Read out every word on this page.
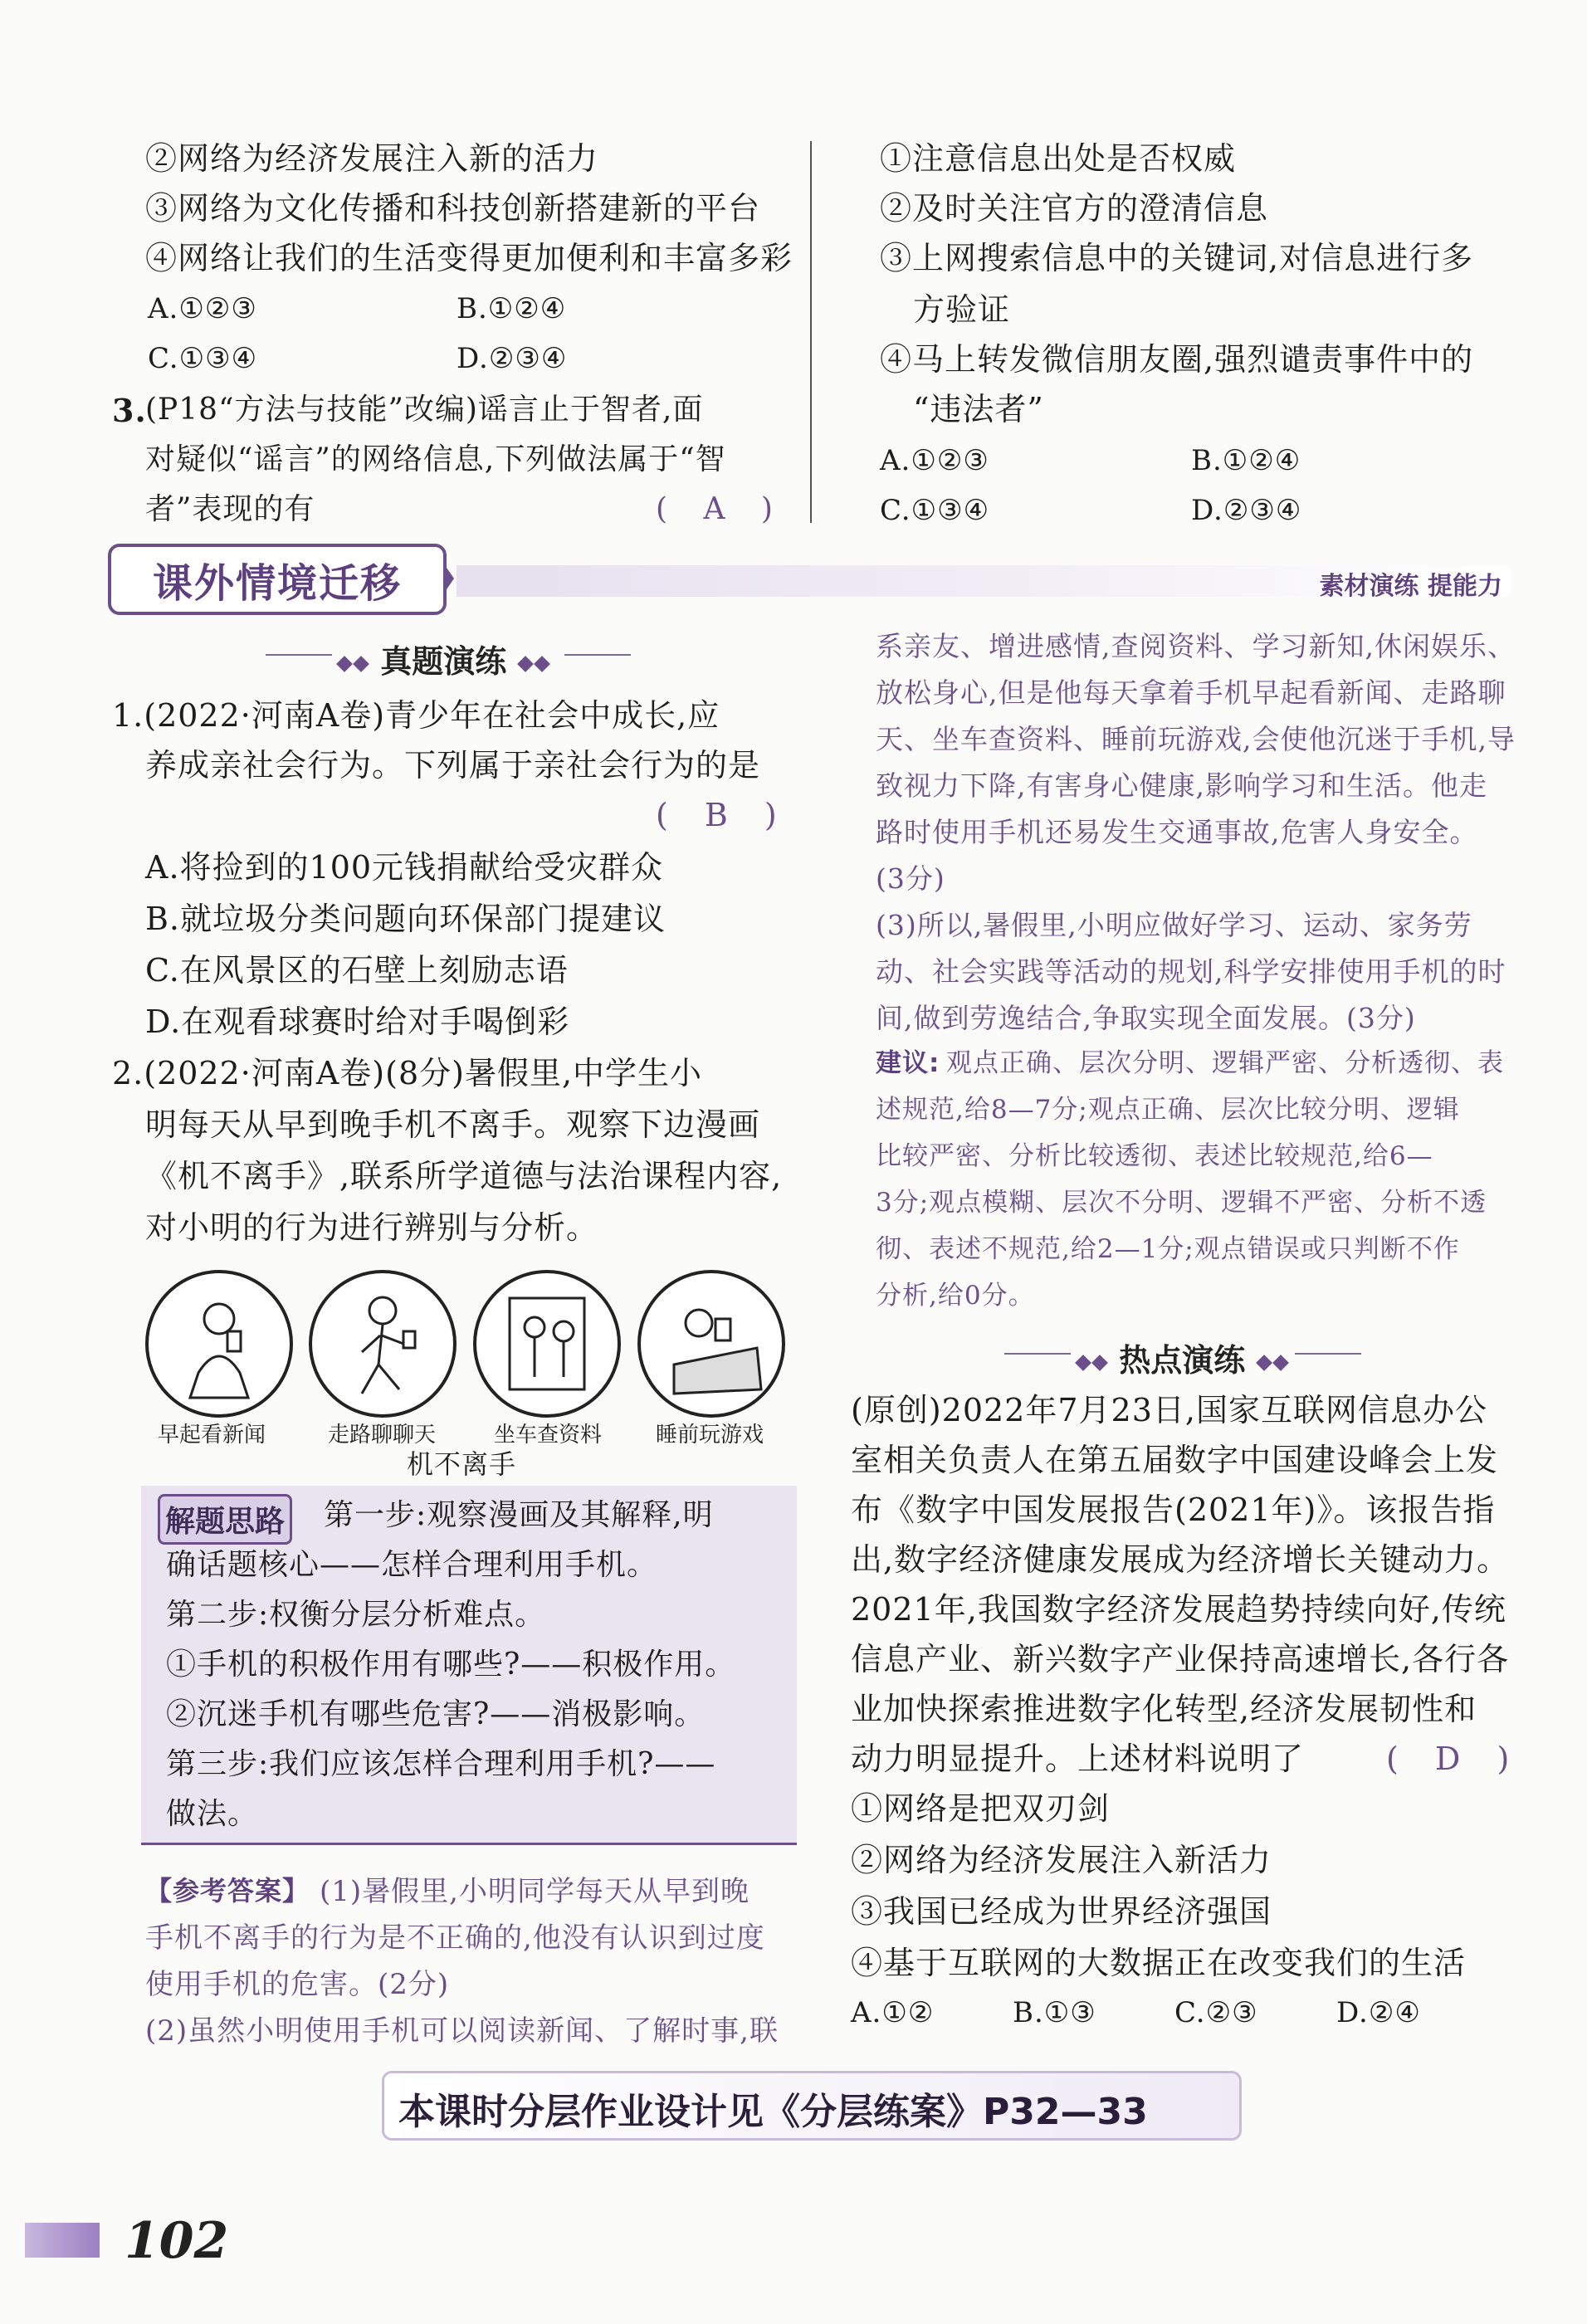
②网络为经济发展注入新的活力
③网络为文化传播和科技创新搭建新的平台
④网络让我们的生活变得更加便利和丰富多彩
A.①②③	B.①②④
C.①③④	D.②③④
3.
(P18“方法与技能”改编)谣言止于智者,面
对疑似“谣言”的网络信息,下列做法属于“智
者”表现的有	( A )
①注意信息出处是否权威
②及时关注官方的澄清信息
③上网搜索信息中的关键词,对信息进行多
方验证
④马上转发微信朋友圈,强烈谴责事件中的
“违法者”
A.①②③	B.①②④
C.①③④	D.②③④
课外情境迁移	素材演练 提能力
真题演练
1.(2022·河南A卷)青少年在社会中成长,应
养成亲社会行为。下列属于亲社会行为的是
( B )
A.将捡到的100元钱捐献给受灾群众
B.就垃圾分类问题向环保部门提建议
C.在风景区的石壁上刻励志语
D.在观看球赛时给对手喝倒彩
2.(2022·河南A卷)(8分)暑假里,中学生小
明每天从早到晚手机不离手。观察下边漫画
《机不离手》,联系所学道德与法治课程内容,
对小明的行为进行辨别与分析。
早起看新闻	走路聊聊天	坐车查资料 睡前玩游戏
机不离手
解题思路 第一步:观察漫画及其解释,明
确话题核心——怎样合理利用手机。
第二步:权衡分层分析难点。
①手机的积极作用有哪些?——积极作用。
②沉迷手机有哪些危害?——消极影响。
第三步:我们应该怎样合理利用手机?——
做法。
【参考答案】 (1)暑假里,小明同学每天从早到晚
手机不离手的行为是不正确的,他没有认识到过度
使用手机的危害。(2分)
(2)虽然小明使用手机可以阅读新闻、了解时事,联
系亲友、增进感情,查阅资料、学习新知,休闲娱乐、
放松身心,但是他每天拿着手机早起看新闻、走路聊
天、坐车查资料、睡前玩游戏,会使他沉迷于手机,导
致视力下降,有害身心健康,影响学习和生活。他走
路时使用手机还易发生交通事故,危害人身安全。
(3分)
(3)所以,暑假里,小明应做好学习、运动、家务劳
动、社会实践等活动的规划,科学安排使用手机的时
间,做到劳逸结合,争取实现全面发展。(3分)
建议: 观点正确、层次分明、逻辑严密、分析透彻、表
述规范,给8—7分;观点正确、层次比较分明、逻辑
比较严密、分析比较透彻、表述比较规范,给6—
3分;观点模糊、层次不分明、逻辑不严密、分析不透
彻、表述不规范,给2—1分;观点错误或只判断不作
分析,给0分。
热点演练
(原创)2022年7月23日,国家互联网信息办公
室相关负责人在第五届数字中国建设峰会上发
布《数字中国发展报告(2021年)》。该报告指
出,数字经济健康发展成为经济增长关键动力。
2021年,我国数字经济发展趋势持续向好,传统
信息产业、新兴数字产业保持高速增长,各行各
业加快探索推进数字化转型,经济发展韧性和
动力明显提升。上述材料说明了	( D )
①网络是把双刃剑
②网络为经济发展注入新活力
③我国已经成为世界经济强国
④基于互联网的大数据正在改变我们的生活
A.①②	B.①③	C.②③	D.②④
本课时分层作业设计见《分层练案》P32—33
102
